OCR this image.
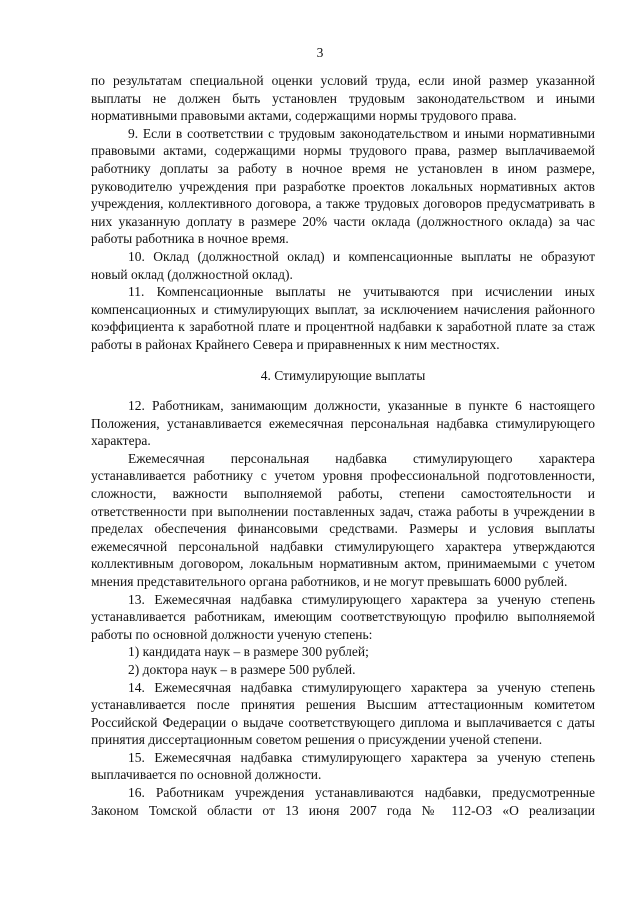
3

по результатам специальной оценки условий труда, если иной размер указанной выплаты не должен быть установлен трудовым законодательством и иными нормативными правовыми актами, содержащими нормы трудового права.

9. Если в соответствии с трудовым законодательством и иными нормативными правовыми актами, содержащими нормы трудового права, размер выплачиваемой работнику доплаты за работу в ночное время не установлен в ином размере, руководителю учреждения при разработке проектов локальных нормативных актов учреждения, коллективного договора, а также трудовых договоров предусматривать в них указанную доплату в размере 20% части оклада (должностного оклада) за час работы работника в ночное время.

10. Оклад (должностной оклад) и компенсационные выплаты не образуют новый оклад (должностной оклад).

11. Компенсационные выплаты не учитываются при исчислении иных компенсационных и стимулирующих выплат, за исключением начисления районного коэффициента к заработной плате и процентной надбавки к заработной плате за стаж работы в районах Крайнего Севера и приравненных к ним местностях.

4. Стимулирующие выплаты

12. Работникам, занимающим должности, указанные в пункте 6 настоящего Положения, устанавливается ежемесячная персональная надбавка стимулирующего характера.

Ежемесячная персональная надбавка стимулирующего характера устанавливается работнику с учетом уровня профессиональной подготовленности, сложности, важности выполняемой работы, степени самостоятельности и ответственности при выполнении поставленных задач, стажа работы в учреждении в пределах обеспечения финансовыми средствами. Размеры и условия выплаты ежемесячной персональной надбавки стимулирующего характера утверждаются коллективным договором, локальным нормативным актом, принимаемыми с учетом мнения представительного органа работников, и не могут превышать 6000 рублей.

13. Ежемесячная надбавка стимулирующего характера за ученую степень устанавливается работникам, имеющим соответствующую профилю выполняемой работы по основной должности ученую степень:

1) кандидата наук – в размере 300 рублей;

2) доктора наук – в размере 500 рублей.

14. Ежемесячная надбавка стимулирующего характера за ученую степень устанавливается после принятия решения Высшим аттестационным комитетом Российской Федерации о выдаче соответствующего диплома и выплачивается с даты принятия диссертационным советом решения о присуждении ученой степени.

15. Ежемесячная надбавка стимулирующего характера за ученую степень выплачивается по основной должности.

16. Работникам учреждения устанавливаются надбавки, предусмотренные Законом Томской области от 13 июня 2007 года № 112-ОЗ «О реализации
